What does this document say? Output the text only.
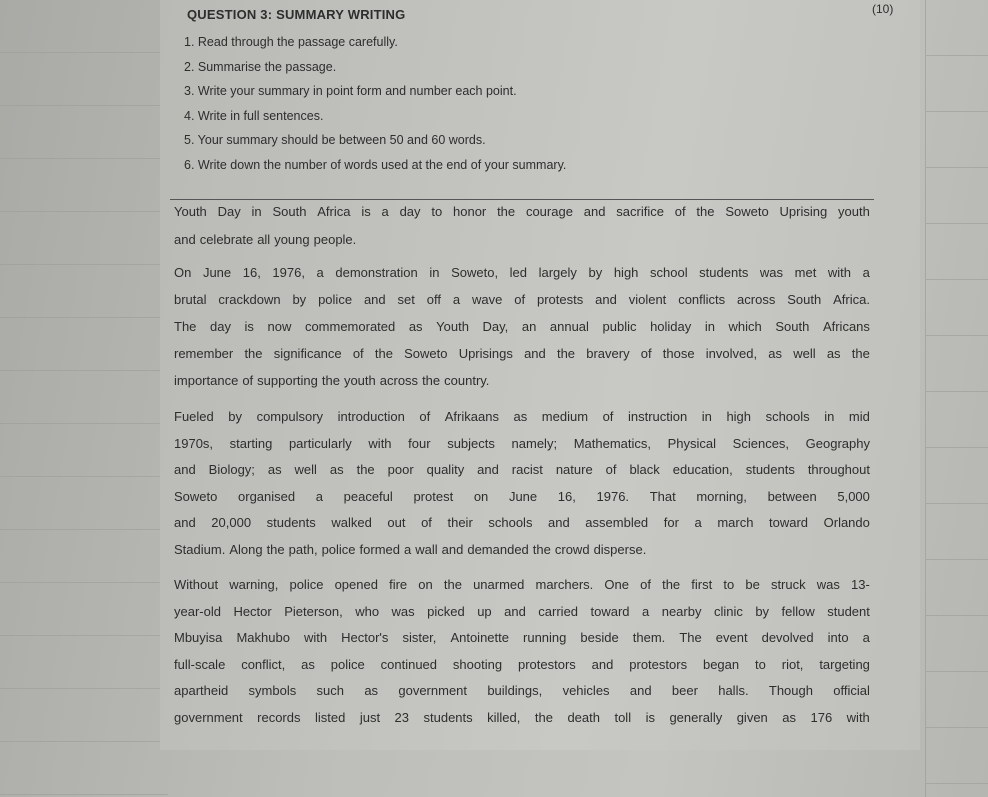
QUESTION 3: SUMMARY WRITING	(10)
1. Read through the passage carefully.
2. Summarise the passage.
3. Write your summary in point form and number each point.
4. Write in full sentences.
5. Your summary should be between 50 and 60 words.
6. Write down the number of words used at the end of your summary.
Youth Day in South Africa is a day to honor the courage and sacrifice of the Soweto Uprising youth
and celebrate all young people.
On June 16, 1976, a demonstration in Soweto, led largely by high school students was met with a
brutal crackdown by police and set off a wave of protests and violent conflicts across South Africa.
The day is now commemorated as Youth Day, an annual public holiday in which South Africans
remember the significance of the Soweto Uprisings and the bravery of those involved, as well as the
importance of supporting the youth across the country.
Fueled by compulsory introduction of Afrikaans as medium of instruction in high schools in mid
1970s, starting particularly with four subjects namely; Mathematics, Physical Sciences, Geography
and Biology; as well as the poor quality and racist nature of black education, students throughout
Soweto organised a peaceful protest on June 16, 1976. That morning, between 5,000
and 20,000 students walked out of their schools and assembled for a march toward Orlando
Stadium. Along the path, police formed a wall and demanded the crowd disperse.
Without warning, police opened fire on the unarmed marchers. One of the first to be struck was 13-
year-old Hector Pieterson, who was picked up and carried toward a nearby clinic by fellow student
Mbuyisa Makhubo with Hector's sister, Antoinette running beside them. The event devolved into a
full-scale conflict, as police continued shooting protestors and protestors began to riot, targeting
apartheid symbols such as government buildings, vehicles and beer halls. Though official
government records listed just 23 students killed, the death toll is generally given as 176 with
